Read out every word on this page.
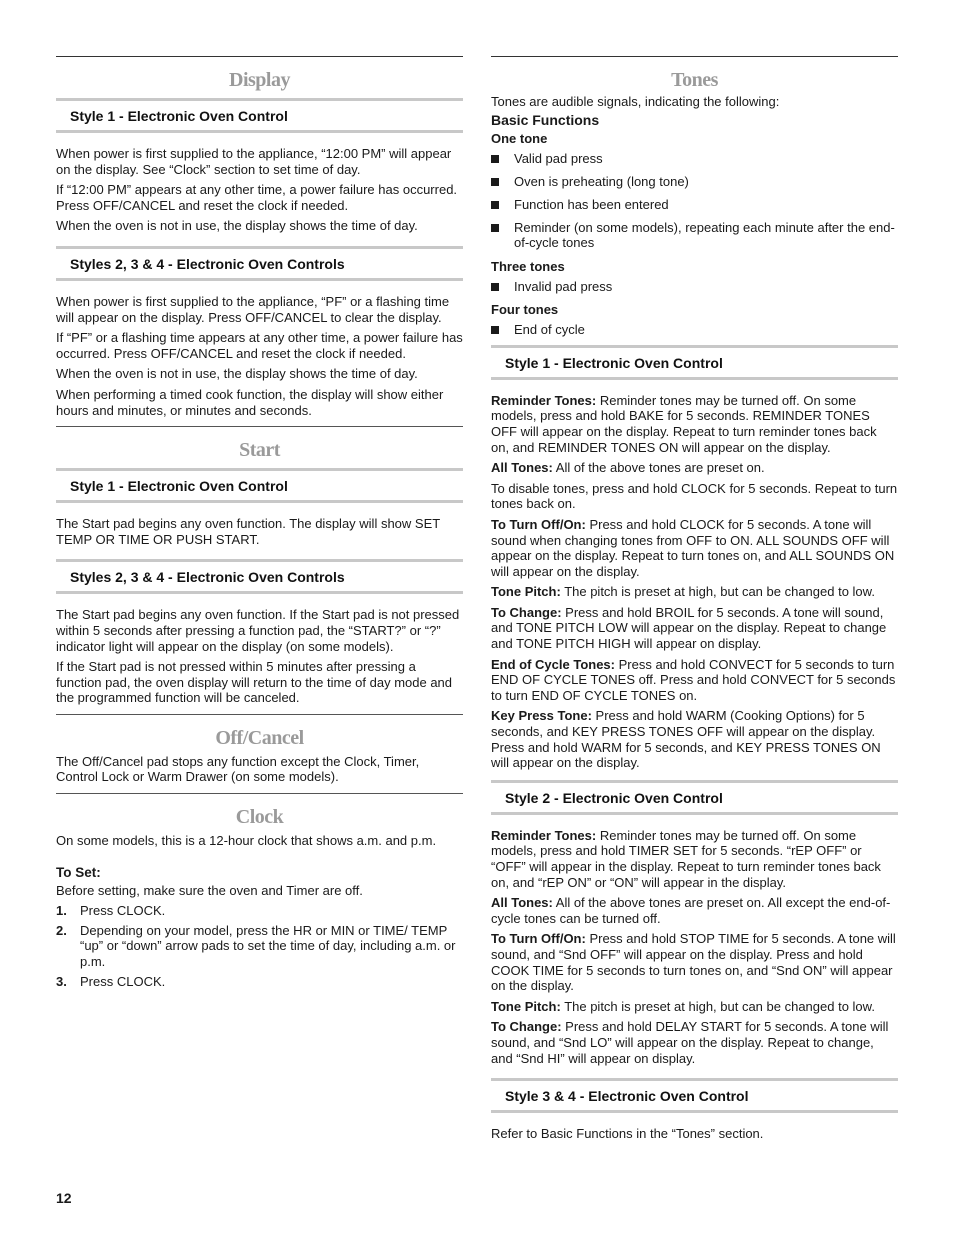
Display
Style 1 - Electronic Oven Control

When power is first supplied to the appliance, “12:00 PM” will appear on the display. See “Clock” section to set time of day.

If “12:00 PM” appears at any other time, a power failure has occurred. Press OFF/CANCEL and reset the clock if needed.

When the oven is not in use, the display shows the time of day.

Styles 2, 3 & 4 - Electronic Oven Controls

When power is first supplied to the appliance, “PF” or a flashing time will appear on the display. Press OFF/CANCEL to clear the display.

If “PF” or a flashing time appears at any other time, a power failure has occurred. Press OFF/CANCEL and reset the clock if needed.

When the oven is not in use, the display shows the time of day.

When performing a timed cook function, the display will show either hours and minutes, or minutes and seconds.

Start
Style 1 - Electronic Oven Control

The Start pad begins any oven function. The display will show SET TEMP OR TIME OR PUSH START.

Styles 2, 3 & 4 - Electronic Oven Controls

The Start pad begins any oven function. If the Start pad is not pressed within 5 seconds after pressing a function pad, the “START?” or “?” indicator light will appear on the display (on some models).

If the Start pad is not pressed within 5 minutes after pressing a function pad, the oven display will return to the time of day mode and the programmed function will be canceled.

Off/Cancel

The Off/Cancel pad stops any function except the Clock, Timer, Control Lock or Warm Drawer (on some models).

Clock

On some models, this is a 12-hour clock that shows a.m. and p.m.

To Set:

Before setting, make sure the oven and Timer are off.

1. Press CLOCK.
2. Depending on your model, press the HR or MIN or TIME/ TEMP “up” or “down” arrow pads to set the time of day, including a.m. or p.m.
3. Press CLOCK.
Tones

Tones are audible signals, indicating the following:

Basic Functions
One tone
Valid pad press
Oven is preheating (long tone)
Function has been entered
Reminder (on some models), repeating each minute after the end-of-cycle tones
Three tones
Invalid pad press
Four tones
End of cycle
Style 1 - Electronic Oven Control

Reminder Tones: Reminder tones may be turned off. On some models, press and hold BAKE for 5 seconds. REMINDER TONES OFF will appear on the display. Repeat to turn reminder tones back on, and REMINDER TONES ON will appear on the display.

All Tones: All of the above tones are preset on.

To disable tones, press and hold CLOCK for 5 seconds. Repeat to turn tones back on.

To Turn Off/On: Press and hold CLOCK for 5 seconds. A tone will sound when changing tones from OFF to ON. ALL SOUNDS OFF will appear on the display. Repeat to turn tones on, and ALL SOUNDS ON will appear on the display.

Tone Pitch: The pitch is preset at high, but can be changed to low.

To Change: Press and hold BROIL for 5 seconds. A tone will sound, and TONE PITCH LOW will appear on the display. Repeat to change and TONE PITCH HIGH will appear on display.

End of Cycle Tones: Press and hold CONVECT for 5 seconds to turn END OF CYCLE TONES off. Press and hold CONVECT for 5 seconds to turn END OF CYCLE TONES on.

Key Press Tone: Press and hold WARM (Cooking Options) for 5 seconds, and KEY PRESS TONES OFF will appear on the display. Press and hold WARM for 5 seconds, and KEY PRESS TONES ON will appear on the display.

Style 2 - Electronic Oven Control

Reminder Tones: Reminder tones may be turned off. On some models, press and hold TIMER SET for 5 seconds. “rEP OFF” or “OFF” will appear in the display. Repeat to turn reminder tones back on, and “rEP ON” or “ON” will appear in the display.

All Tones: All of the above tones are preset on. All except the end-of-cycle tones can be turned off.

To Turn Off/On: Press and hold STOP TIME for 5 seconds. A tone will sound, and “Snd OFF” will appear on the display. Press and hold COOK TIME for 5 seconds to turn tones on, and “Snd ON” will appear on the display.

Tone Pitch: The pitch is preset at high, but can be changed to low.

To Change: Press and hold DELAY START for 5 seconds. A tone will sound, and “Snd LO” will appear on the display. Repeat to change, and “Snd HI” will appear on display.

Style 3 & 4 - Electronic Oven Control

Refer to Basic Functions in the “Tones” section.

12
